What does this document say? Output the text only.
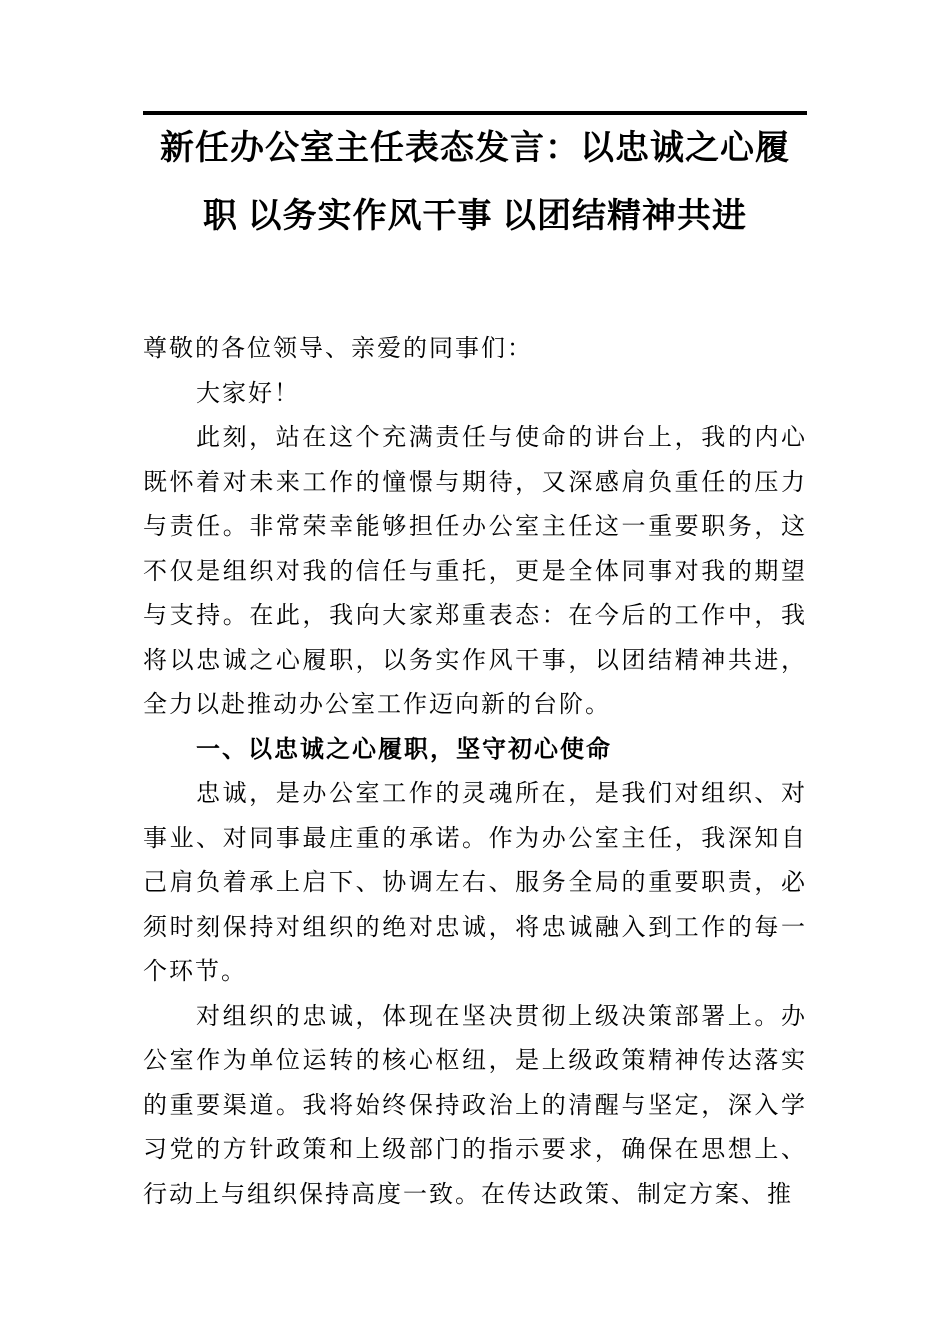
新任办公室主任表态发言：以忠诚之心履
职 以务实作风干事 以团结精神共进

尊敬的各位领导、亲爱的同事们：

大家好！

此刻，站在这个充满责任与使命的讲台上，我的内心既怀着对未来工作的憧憬与期待，又深感肩负重任的压力与责任。非常荣幸能够担任办公室主任这一重要职务，这不仅是组织对我的信任与重托，更是全体同事对我的期望与支持。在此，我向大家郑重表态：在今后的工作中，我将以忠诚之心履职，以务实作风干事，以团结精神共进，全力以赴推动办公室工作迈向新的台阶。

一、以忠诚之心履职，坚守初心使命

忠诚，是办公室工作的灵魂所在，是我们对组织、对事业、对同事最庄重的承诺。作为办公室主任，我深知自己肩负着承上启下、协调左右、服务全局的重要职责，必须时刻保持对组织的绝对忠诚，将忠诚融入到工作的每一个环节。

对组织的忠诚，体现在坚决贯彻上级决策部署上。办公室作为单位运转的核心枢纽，是上级政策精神传达落实的重要渠道。我将始终保持政治上的清醒与坚定，深入学习党的方针政策和上级部门的指示要求，确保在思想上、行动上与组织保持高度一致。在传达政策、制定方案、推
